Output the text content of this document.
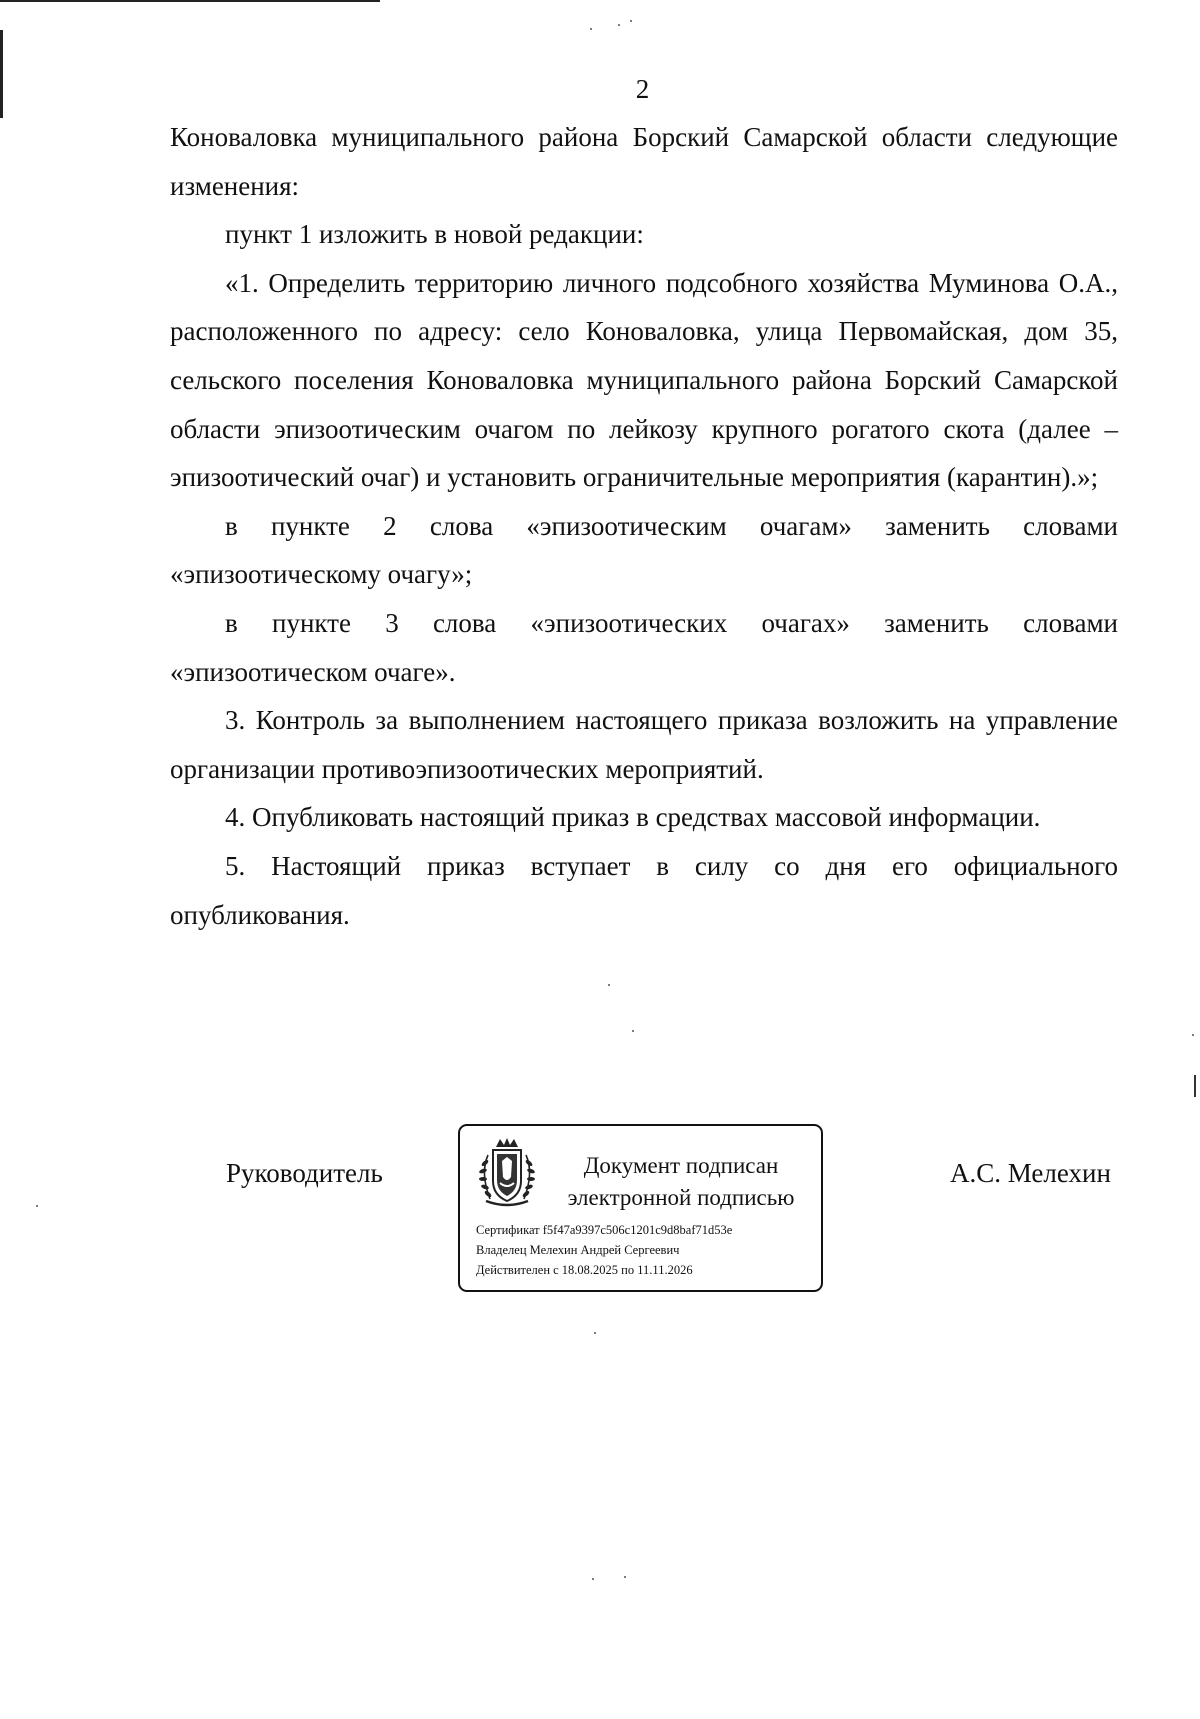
2

Коноваловка муниципального района Борский Самарской области следующие изменения:

пункт 1 изложить в новой редакции:

«1. Определить территорию личного подсобного хозяйства Муминова О.А., расположенного по адресу: село Коноваловка, улица Первомайская, дом 35, сельского поселения Коноваловка муниципального района Борский Самарской области эпизоотическим очагом по лейкозу крупного рогатого скота (далее – эпизоотический очаг) и установить ограничительные мероприятия (карантин).»;

в пункте 2 слова «эпизоотическим очагам» заменить словами «эпизоотическому очагу»;

в пункте 3 слова «эпизоотических очагах» заменить словами «эпизоотическом очаге».

3. Контроль за выполнением настоящего приказа возложить на управление организации противоэпизоотических мероприятий.

4. Опубликовать настоящий приказ в средствах массовой информации.

5. Настоящий приказ вступает в силу со дня его официального опубликования.

Руководитель	Документ подписан
электронной подписью
Сертификат f5f47a9397c506c1201c9d8baf71d53e
Владелец Мелехин Андрей Сергеевич
Действителен с 18.08.2025 по 11.11.2026
А.С. Мелехин
